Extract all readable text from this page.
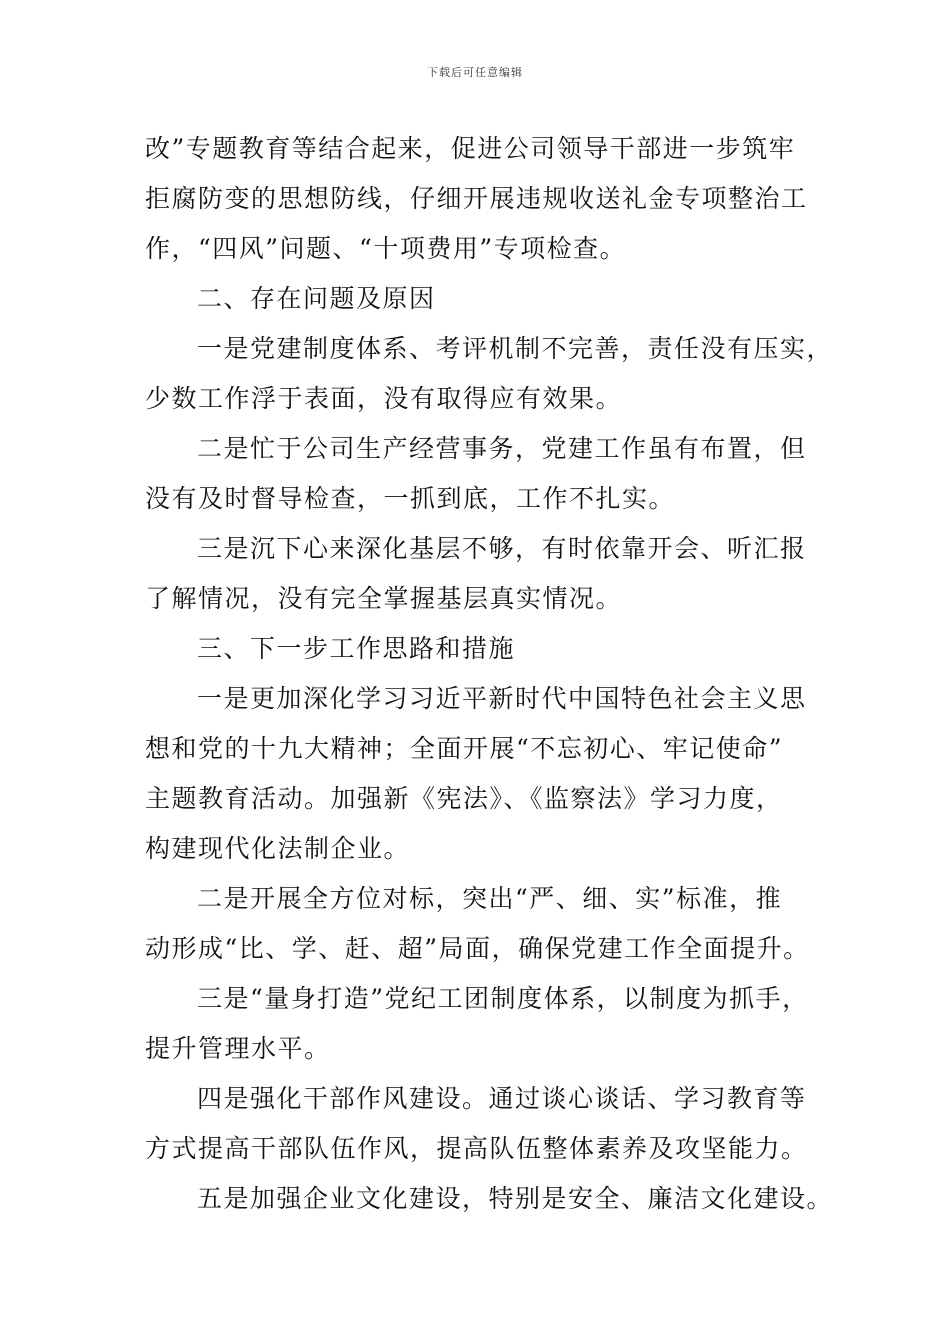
下载后可任意编辑
改”专题教育等结合起来，促进公司领导干部进一步筑牢
拒腐防变的思想防线，仔细开展违规收送礼金专项整治工
作，“四风”问题、“十项费用”专项检查。
二、存在问题及原因
一是党建制度体系、考评机制不完善，责任没有压实，
少数工作浮于表面，没有取得应有效果。
二是忙于公司生产经营事务，党建工作虽有布置，但
没有及时督导检查，一抓到底，工作不扎实。
三是沉下心来深化基层不够，有时依靠开会、听汇报
了解情况，没有完全掌握基层真实情况。
三、下一步工作思路和措施
一是更加深化学习习近平新时代中国特色社会主义思
想和党的十九大精神；全面开展“不忘初心、牢记使命”
主题教育活动。加强新《宪法》、《监察法》学习力度，
构建现代化法制企业。
二是开展全方位对标，突出“严、细、实”标准，推
动形成“比、学、赶、超”局面，确保党建工作全面提升。
三是“量身打造”党纪工团制度体系，以制度为抓手，
提升管理水平。
四是强化干部作风建设。通过谈心谈话、学习教育等
方式提高干部队伍作风，提高队伍整体素养及攻坚能力。
五是加强企业文化建设，特别是安全、廉洁文化建设。
